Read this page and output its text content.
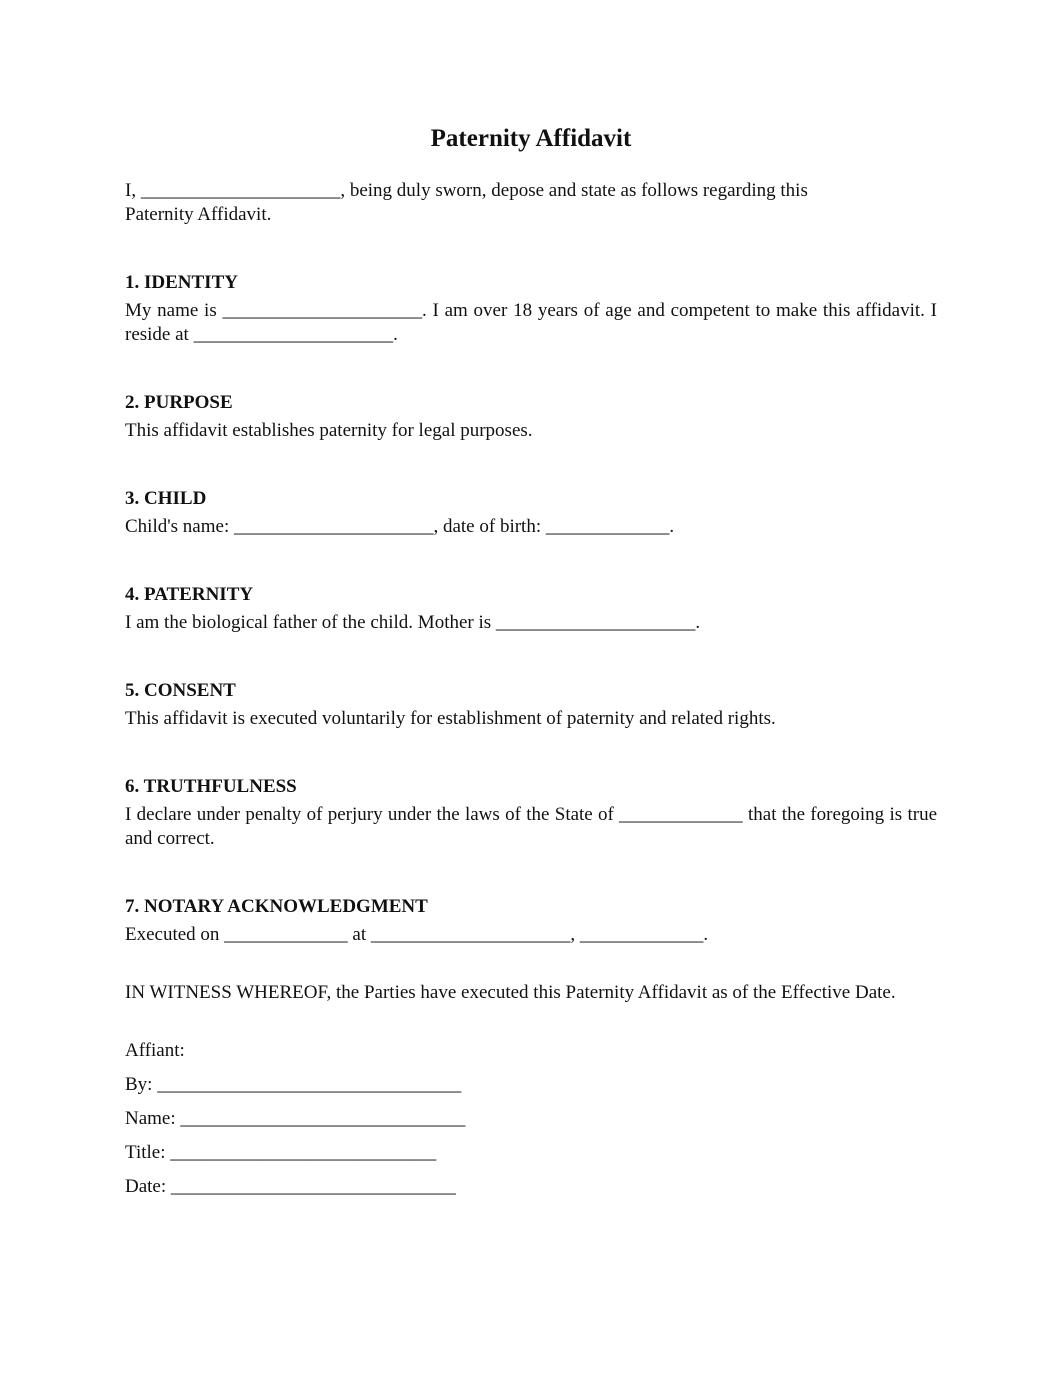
Paternity Affidavit

I, _____________________, being duly sworn, depose and state as follows regarding this Paternity Affidavit.

1. IDENTITY

My name is _____________________. I am over 18 years of age and competent to make this affidavit. I reside at _____________________.

2. PURPOSE

This affidavit establishes paternity for legal purposes.

3. CHILD

Child's name: _____________________, date of birth: _____________.

4. PATERNITY

I am the biological father of the child. Mother is _____________________.

5. CONSENT

This affidavit is executed voluntarily for establishment of paternity and related rights.

6. TRUTHFULNESS

I declare under penalty of perjury under the laws of the State of _____________ that the foregoing is true and correct.

7. NOTARY ACKNOWLEDGMENT

Executed on _____________ at _____________________, _____________.

IN WITNESS WHEREOF, the Parties have executed this Paternity Affidavit as of the Effective Date.

Affiant:

By: ________________________________

Name: ______________________________

Title: ____________________________

Date: ______________________________
